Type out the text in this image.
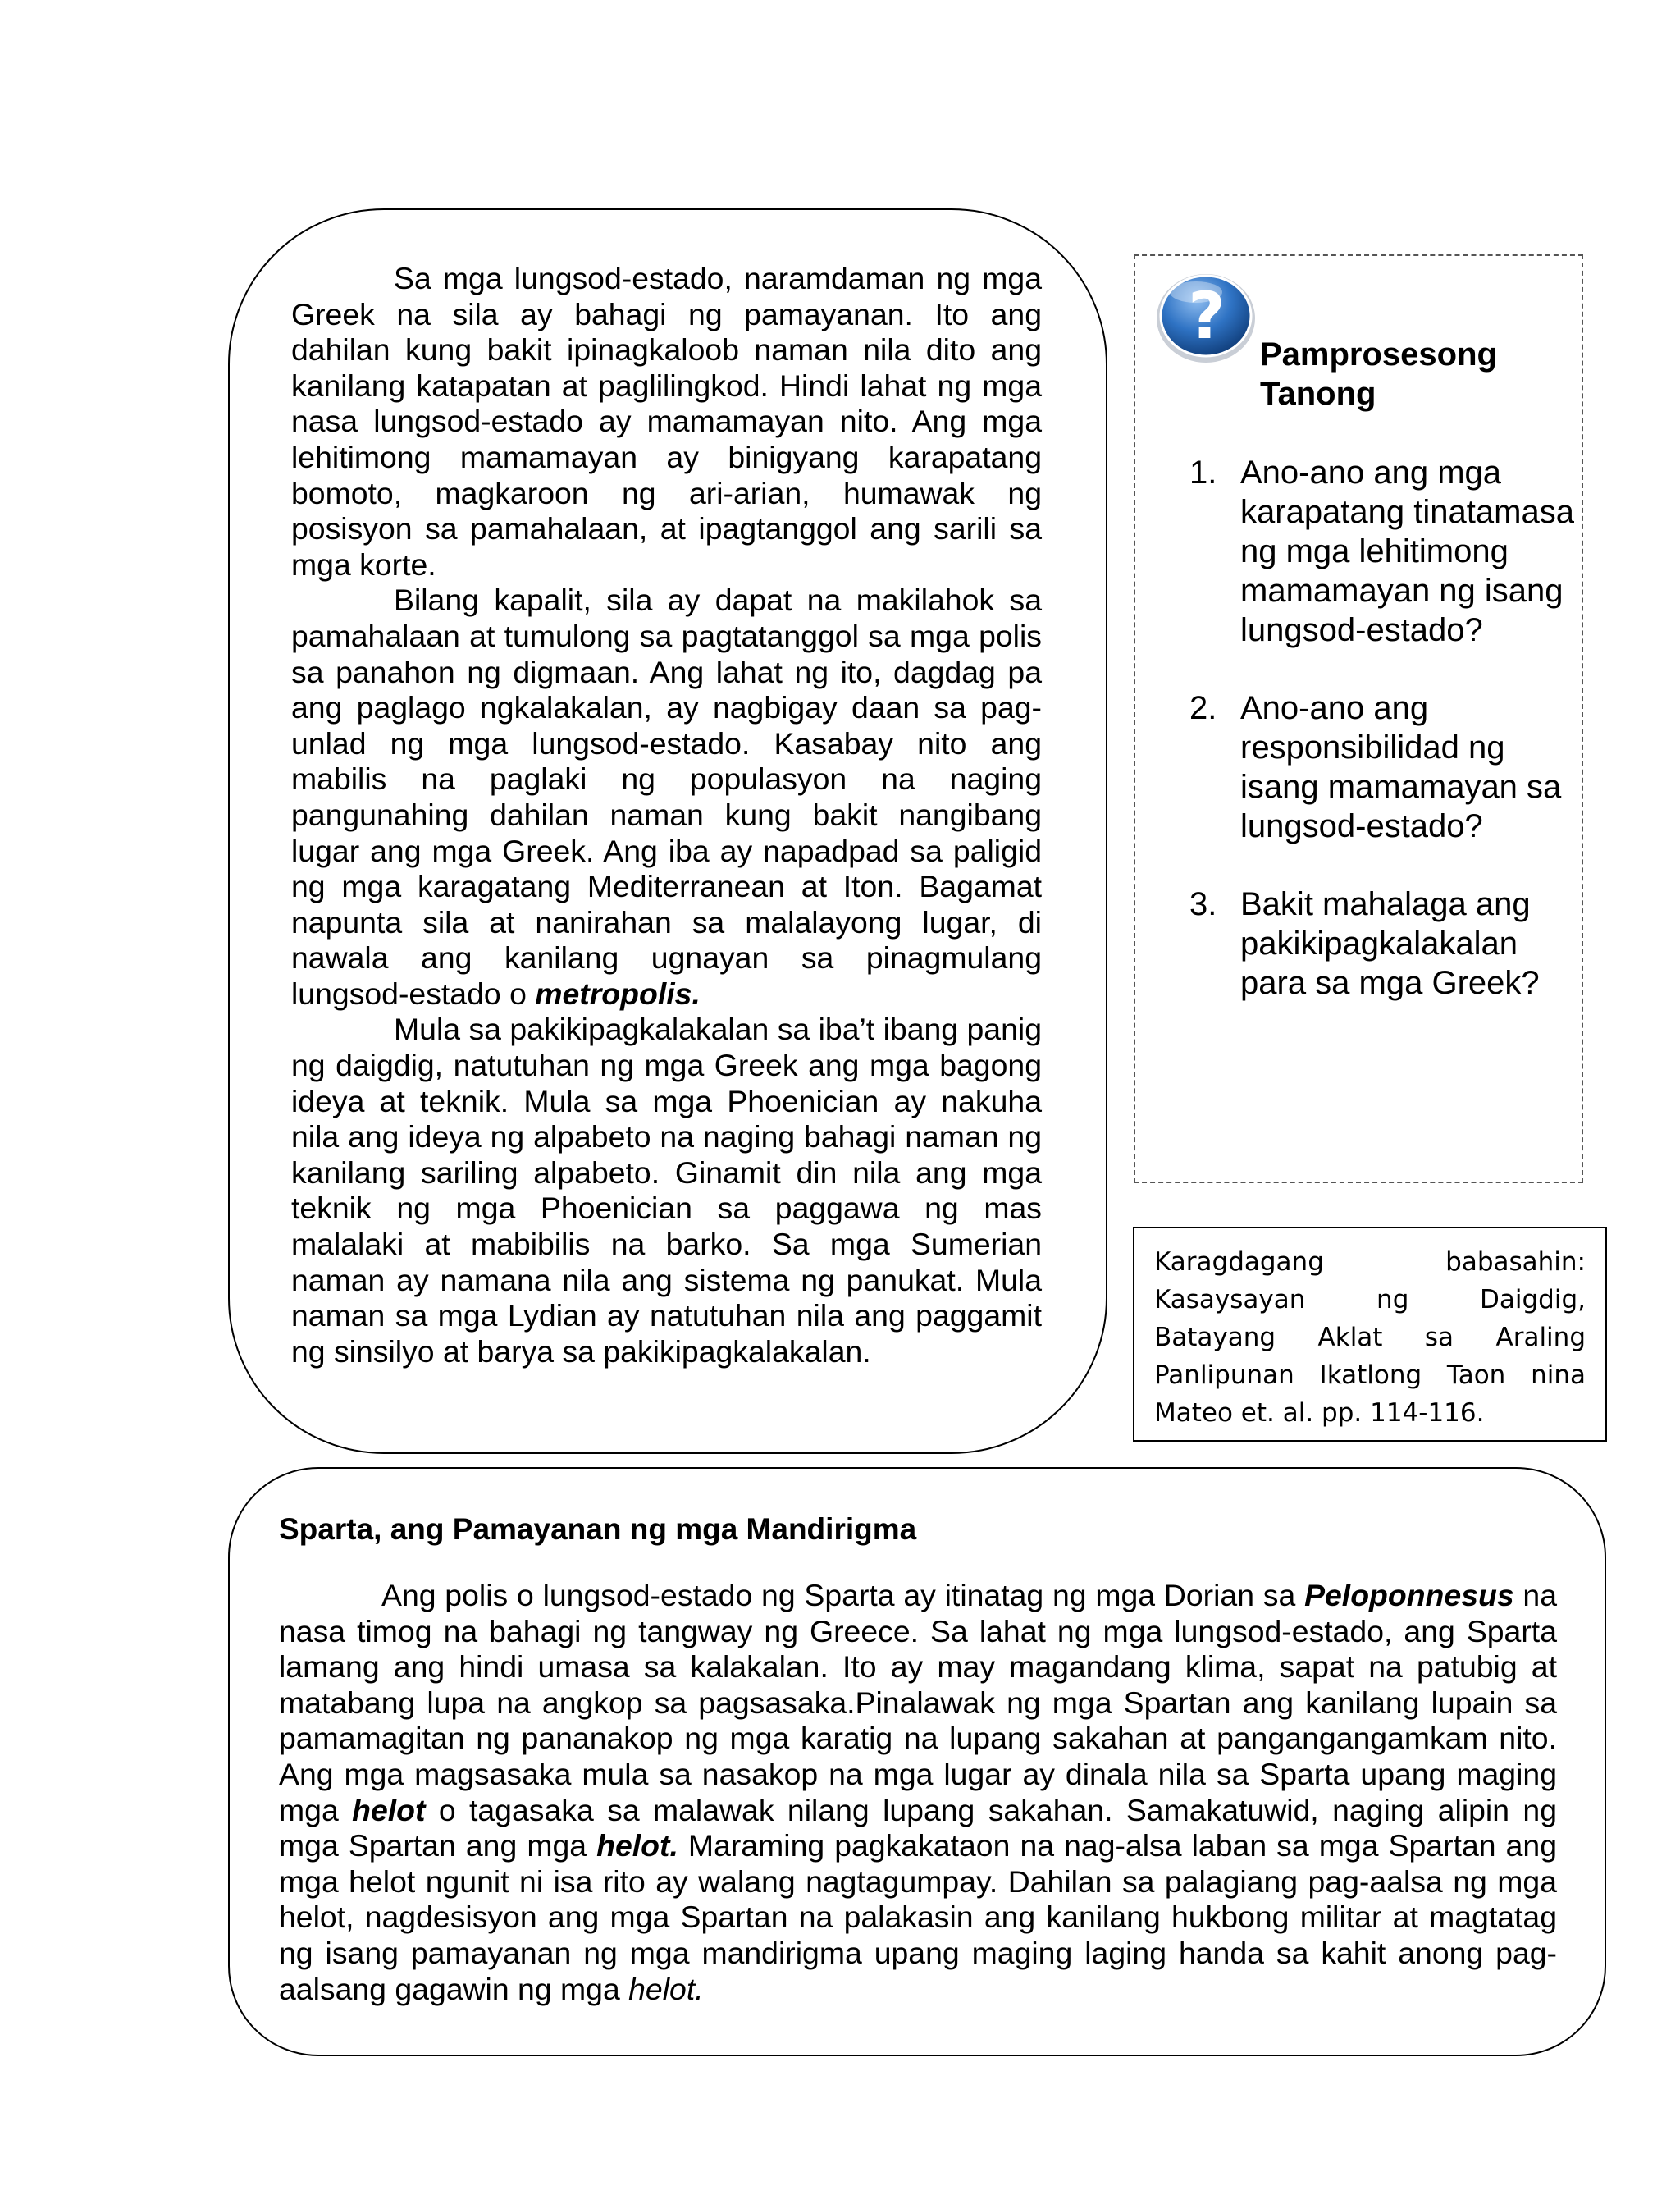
Sa mga lungsod-estado, naramdaman ng mga Greek na sila ay bahagi ng pamayanan. Ito ang dahilan kung bakit ipinagkaloob naman nila dito ang kanilang katapatan at paglilingkod. Hindi lahat ng mga nasa lungsod-estado ay mamamayan nito. Ang mga lehitimong mamamayan ay binigyang karapatang bomoto, magkaroon ng ari-arian, humawak ng posisyon sa pamahalaan, at ipagtanggol ang sarili sa mga korte.

Bilang kapalit, sila ay dapat na makilahok sa pamahalaan at tumulong sa pagtatanggol sa mga polis sa panahon ng digmaan. Ang lahat ng ito, dagdag pa ang paglago ngkalakalan, ay nagbigay daan sa pag-unlad ng mga lungsod-estado. Kasabay nito ang mabilis na paglaki ng populasyon na naging pangunahing dahilan naman kung bakit nangibang lugar ang mga Greek. Ang iba ay napadpad sa paligid ng mga karagatang Mediterranean at Iton. Bagamat napunta sila at nanirahan sa malalayong lugar, di nawala ang kanilang ugnayan sa pinagmulang lungsod-estado o metropolis.

Mula sa pakikipagkalakalan sa iba’t ibang panig ng daigdig, natutuhan ng mga Greek ang mga bagong ideya at teknik. Mula sa mga Phoenician ay nakuha nila ang ideya ng alpabeto na naging bahagi naman ng kanilang sariling alpabeto. Ginamit din nila ang mga teknik ng mga Phoenician sa paggawa ng mas malalaki at mabibilis na barko. Sa mga Sumerian naman ay namana nila ang sistema ng panukat. Mula naman sa mga Lydian ay natutuhan nila ang paggamit ng sinsilyo at barya sa pakikipagkalakalan.

?
Pamprosesong Tanong
1. Ano-ano ang mga karapatang tinatamasa ng mga lehitimong mamamayan ng isang lungsod-estado?
2. Ano-ano ang responsibilidad ng isang mamamayan sa lungsod-estado?
3. Bakit mahalaga ang pakikipagkalakalan para sa mga Greek?

Karagdagang babasahin: Kasaysayan ng Daigdig, Batayang Aklat sa Araling Panlipunan Ikatlong Taon nina Mateo et. al. pp. 114-116.

Sparta, ang Pamayanan ng mga Mandirigma

Ang polis o lungsod-estado ng Sparta ay itinatag ng mga Dorian sa Peloponnesus na nasa timog na bahagi ng tangway ng Greece. Sa lahat ng mga lungsod-estado, ang Sparta lamang ang hindi umasa sa kalakalan. Ito ay may magandang klima, sapat na patubig at matabang lupa na angkop sa pagsasaka.Pinalawak ng mga Spartan ang kanilang lupain sa pamamagitan ng pananakop ng mga karatig na lupang sakahan at pangangangamkam nito. Ang mga magsasaka mula sa nasakop na mga lugar ay dinala nila sa Sparta upang maging mga helot o tagasaka sa malawak nilang lupang sakahan. Samakatuwid, naging alipin ng mga Spartan ang mga helot. Maraming pagkakataon na nag-alsa laban sa mga Spartan ang mga helot ngunit ni isa rito ay walang nagtagumpay. Dahilan sa palagiang pag-aalsa ng mga helot, nagdesisyon ang mga Spartan na palakasin ang kanilang hukbong militar at magtatag ng isang pamayanan ng mga mandirigma upang maging laging handa sa kahit anong pag-aalsang gagawin ng mga helot.
